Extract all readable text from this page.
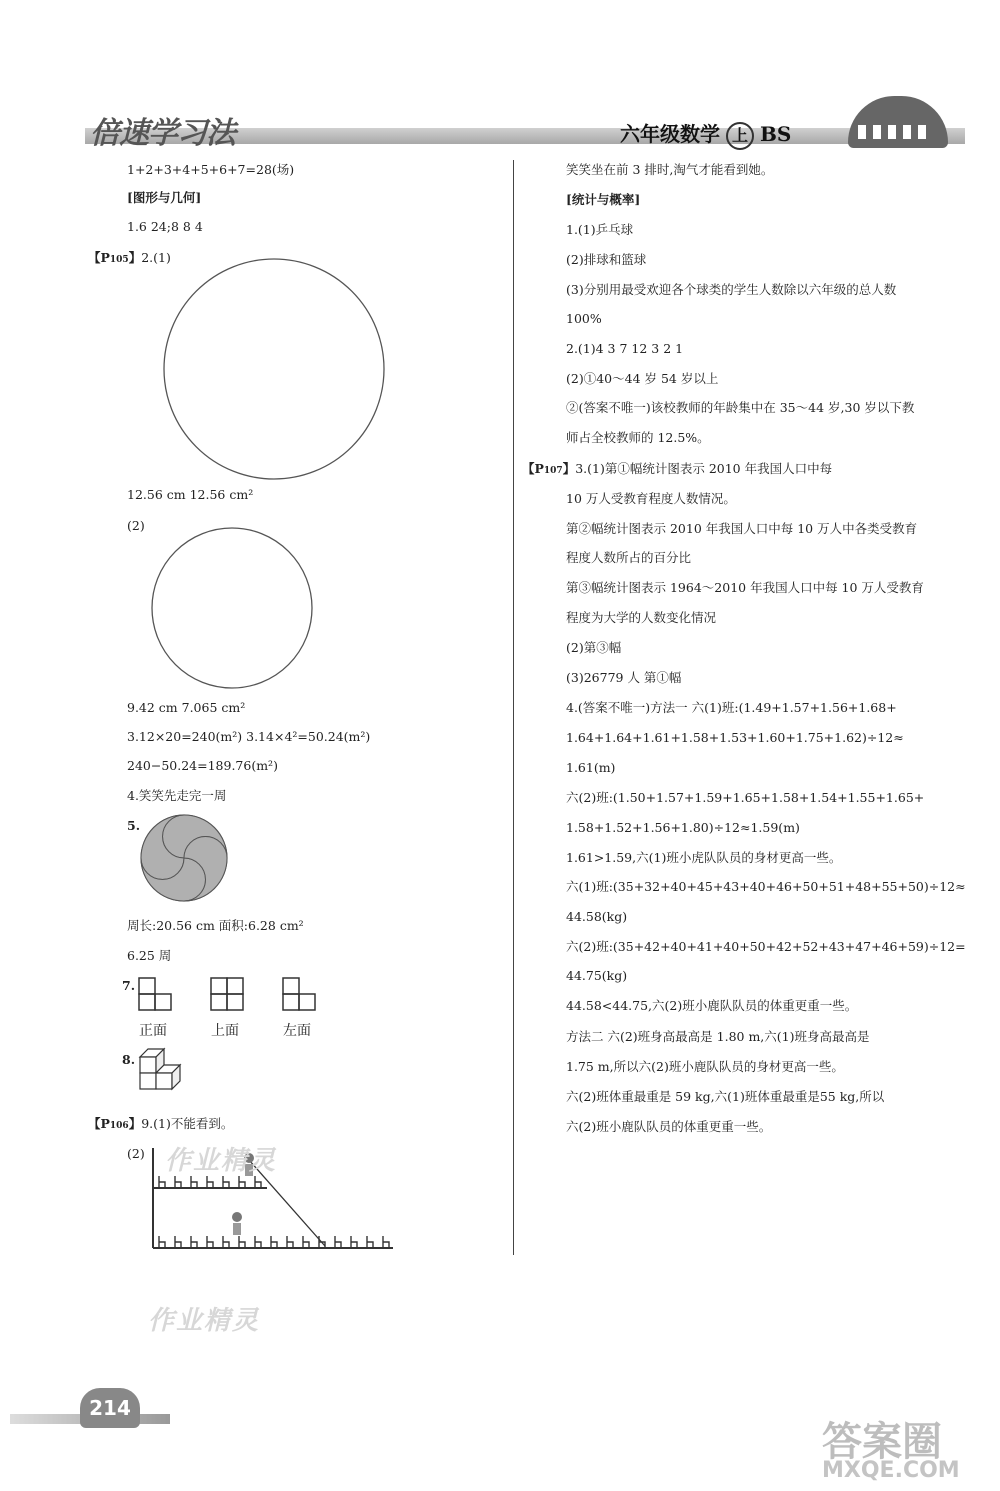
倍速学习法	六年级数学 上 BS
1+2+3+4+5+6+7=28(场)
[图形与几何]
1.6 24;8 8 4
【P105】2.(1)
12.56 cm 12.56 cm²
(2)
9.42 cm 7.065 cm²
3.12×20=240(m²) 3.14×4²=50.24(m²)
240−50.24=189.76(m²)
4.笑笑先走完一周
5.
周长:20.56 cm 面积:6.28 cm²
6.25 周
7.
正面	上面	左面
8.
【P106】9.(1)不能看到。
(2) 作业精灵
作业精灵
笑笑坐在前 3 排时,淘气才能看到她。
[统计与概率]
1.(1)乒乓球
(2)排球和篮球
(3)分别用最受欢迎各个球类的学生人数除以六年级的总人数
100%
2.(1)4 3 7 12 3 2 1
(2)①40～44 岁 54 岁以上
②(答案不唯一)该校教师的年龄集中在 35～44 岁,30 岁以下教
师占全校教师的 12.5%。
【P107】3.(1)第①幅统计图表示 2010 年我国人口中每
10 万人受教育程度人数情况。
第②幅统计图表示 2010 年我国人口中每 10 万人中各类受教育
程度人数所占的百分比
第③幅统计图表示 1964～2010 年我国人口中每 10 万人受教育
程度为大学的人数变化情况
(2)第③幅
(3)26779 人 第①幅
4.(答案不唯一)方法一 六(1)班:(1.49+1.57+1.56+1.68+
1.64+1.64+1.61+1.58+1.53+1.60+1.75+1.62)÷12≈
1.61(m)
六(2)班:(1.50+1.57+1.59+1.65+1.58+1.54+1.55+1.65+
1.58+1.52+1.56+1.80)÷12≈1.59(m)
1.61>1.59,六(1)班小虎队队员的身材更高一些。
六(1)班:(35+32+40+45+43+40+46+50+51+48+55+50)÷12≈
44.58(kg)
六(2)班:(35+42+40+41+40+50+42+52+43+47+46+59)÷12=
44.75(kg)
44.58<44.75,六(2)班小鹿队队员的体重更重一些。
方法二 六(2)班身高最高是 1.80 m,六(1)班身高最高是
1.75 m,所以六(2)班小鹿队队员的身材更高一些。
六(2)班体重最重是 59 kg,六(1)班体重最重是55 kg,所以
六(2)班小鹿队队员的体重更重一些。
214
答案圈
MXQE.COM
